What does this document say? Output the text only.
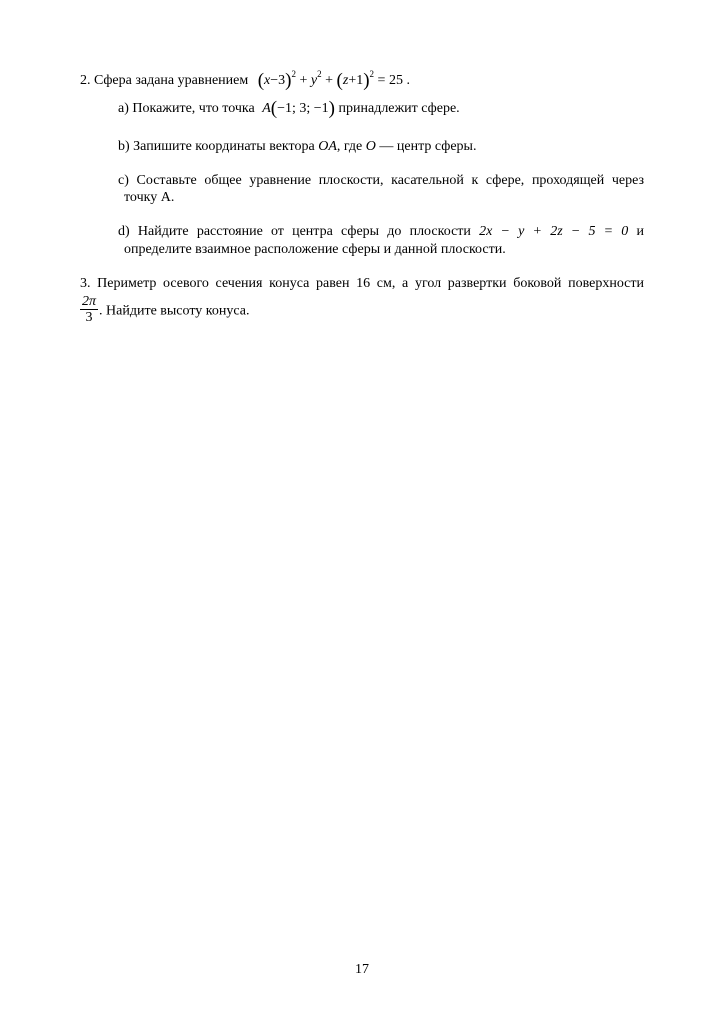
2. Сфера задана уравнением $(x-3)^2 + y^2 + (z+1)^2 = 25$ .
a) Покажите, что точка A(−1; 3; −1) принадлежит сфере.
b) Запишите координаты вектора OA, где O — центр сферы.
c) Составьте общее уравнение плоскости, касательной к сфере, проходящей через
точку А.
d) Найдите расстояние от центра сферы до плоскости 2x − y + 2z − 5 = 0 и
определите взаимное расположение сферы и данной плоскости.
3. Периметр осевого сечения конуса равен 16 см, а угол развертки боковой поверхности
$\frac{2\pi}{3}$ . Найдите высоту конуса.
17
